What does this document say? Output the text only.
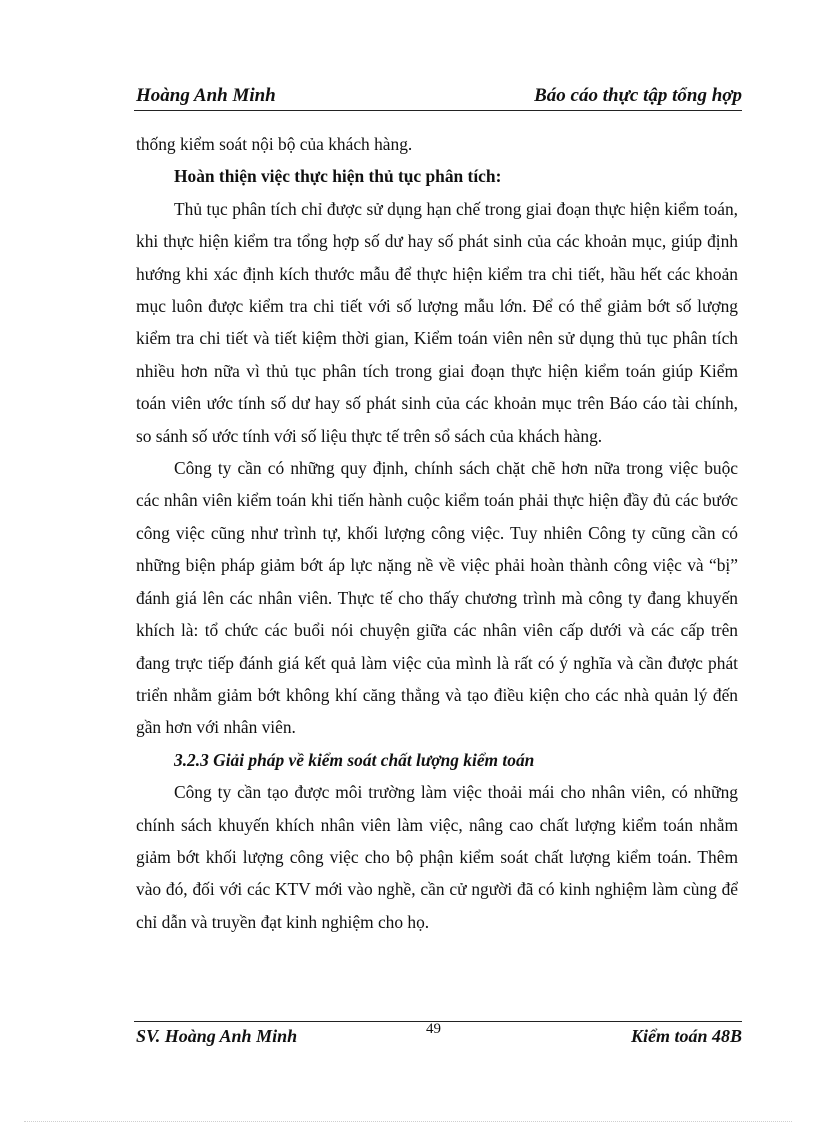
Hoàng Anh Minh	Báo cáo thực tập tổng hợp

thống kiểm soát nội bộ của khách hàng.

Hoàn thiện việc thực hiện thủ tục phân tích:

Thủ tục phân tích chỉ được sử dụng hạn chế trong giai đoạn thực hiện kiểm toán, khi thực hiện kiểm tra tổng hợp số dư hay số phát sinh của các khoản mục, giúp định hướng khi xác định kích thước mẫu để thực hiện kiểm tra chi tiết, hầu hết các khoản mục luôn được kiểm tra chi tiết với số lượng mẫu lớn. Để có thể giảm bớt số lượng kiểm tra chi tiết và tiết kiệm thời gian, Kiểm toán viên nên sử dụng thủ tục phân tích nhiều hơn nữa vì thủ tục phân tích trong giai đoạn thực hiện kiểm toán giúp Kiểm toán viên ước tính số dư hay số phát sinh của các khoản mục trên Báo cáo tài chính, so sánh số ước tính với số liệu thực tế trên sổ sách của khách hàng.

Công ty cần có những quy định, chính sách chặt chẽ hơn nữa trong việc buộc các nhân viên kiểm toán khi tiến hành cuộc kiểm toán phải thực hiện đầy đủ các bước công việc cũng như trình tự, khối lượng công việc. Tuy nhiên Công ty cũng cần có những biện pháp giảm bớt áp lực nặng nề về việc phải hoàn thành công việc và “bị” đánh giá lên các nhân viên. Thực tế cho thấy chương trình mà công ty đang khuyến khích là: tổ chức các buổi nói chuyện giữa các nhân viên cấp dưới và các cấp trên đang trực tiếp đánh giá kết quả làm việc của mình là rất có ý nghĩa và cần được phát triển nhằm giảm bớt không khí căng thẳng và tạo điều kiện cho các nhà quản lý đến gần hơn với nhân viên.

3.2.3 Giải pháp về kiểm soát chất lượng kiểm toán

Công ty cần tạo được môi trường làm việc thoải mái cho nhân viên, có những chính sách khuyến khích nhân viên làm việc, nâng cao chất lượng kiểm toán nhằm giảm bớt khối lượng công việc cho bộ phận kiểm soát chất lượng kiểm toán. Thêm vào đó, đối với các KTV mới vào nghề, cần cử người đã có kinh nghiệm làm cùng để chỉ dẫn và truyền đạt kinh nghiệm cho họ.

SV. Hoàng Anh Minh	49	Kiểm toán 48B
